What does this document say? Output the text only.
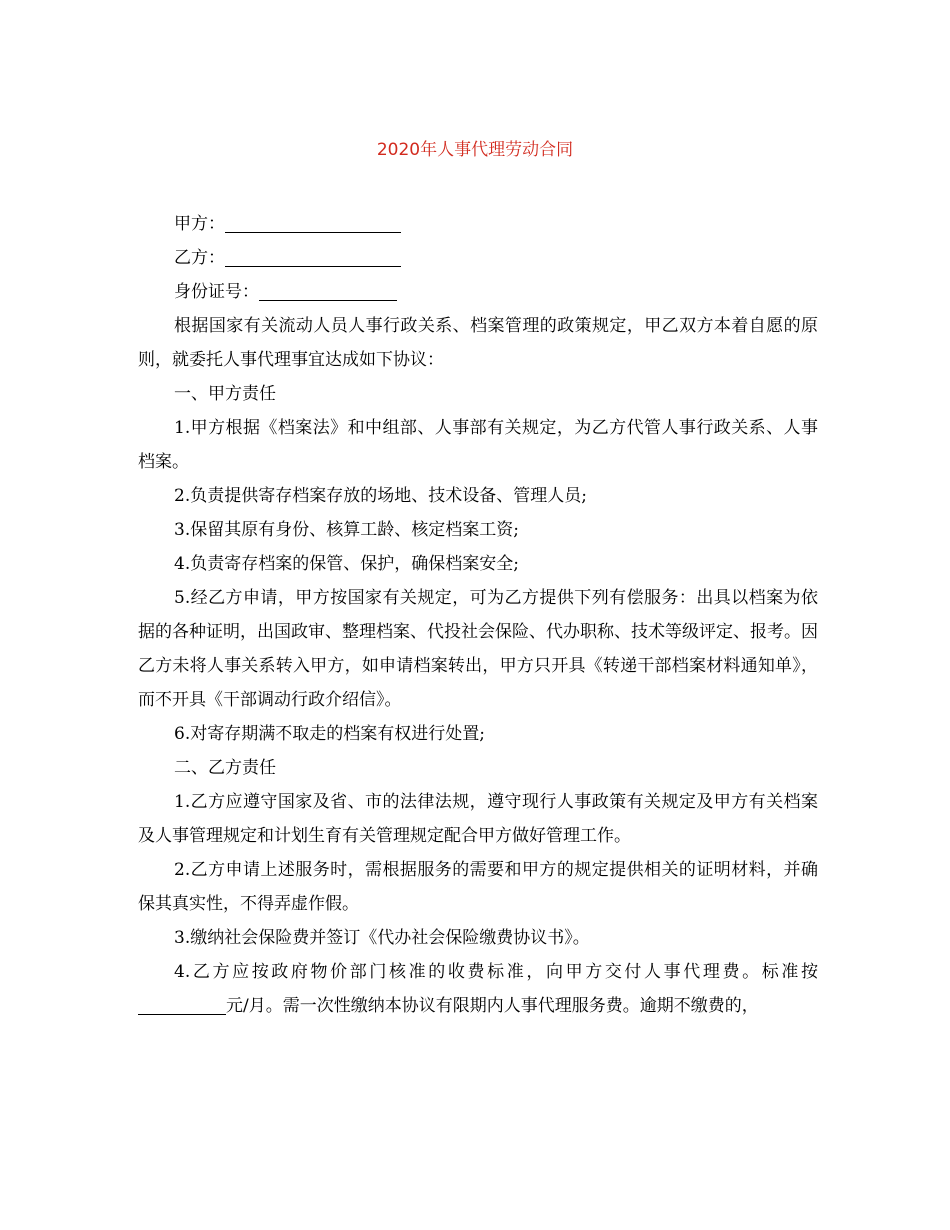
2020年人事代理劳动合同

甲方：

乙方：

身份证号：

根据国家有关流动人员人事行政关系、档案管理的政策规定，甲乙双方本着自愿的原则，就委托人事代理事宜达成如下协议：

一、甲方责任

1.甲方根据《档案法》和中组部、人事部有关规定，为乙方代管人事行政关系、人事档案。

2.负责提供寄存档案存放的场地、技术设备、管理人员;

3.保留其原有身份、核算工龄、核定档案工资;

4.负责寄存档案的保管、保护，确保档案安全;

5.经乙方申请，甲方按国家有关规定，可为乙方提供下列有偿服务：出具以档案为依据的各种证明，出国政审、整理档案、代投社会保险、代办职称、技术等级评定、报考。因乙方未将人事关系转入甲方，如申请档案转出，甲方只开具《转递干部档案材料通知单》，而不开具《干部调动行政介绍信》。

6.对寄存期满不取走的档案有权进行处置;

二、乙方责任

1.乙方应遵守国家及省、市的法律法规，遵守现行人事政策有关规定及甲方有关档案及人事管理规定和计划生育有关管理规定配合甲方做好管理工作。

2.乙方申请上述服务时，需根据服务的需要和甲方的规定提供相关的证明材料，并确保其真实性，不得弄虚作假。

3.缴纳社会保险费并签订《代办社会保险缴费协议书》。

4.乙方应按政府物价部门核准的收费标准，向甲方交付人事代理费。标准按元/月。需一次性缴纳本协议有限期内人事代理服务费。逾期不缴费的，
